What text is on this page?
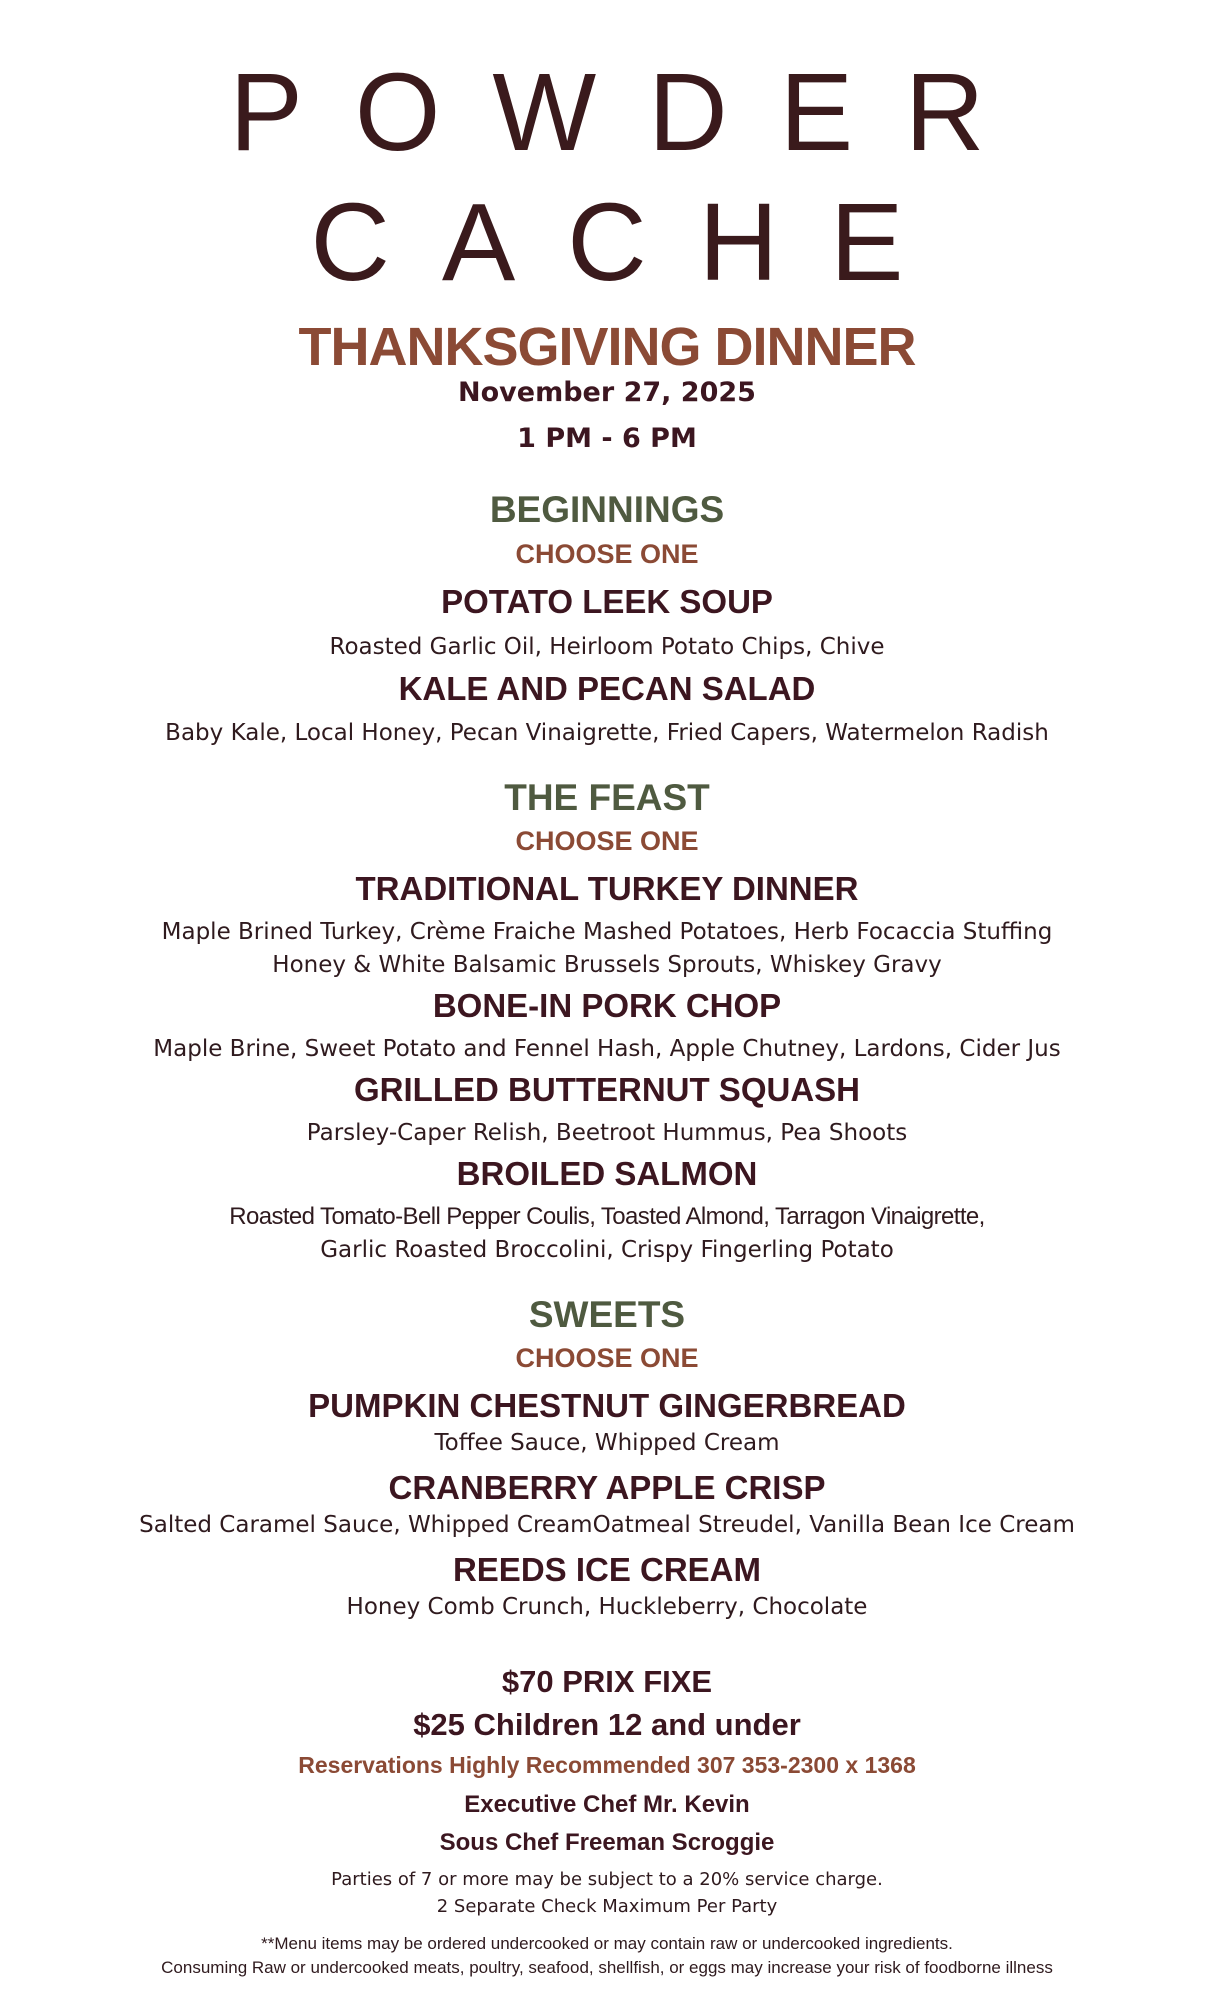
POWDER
CACHE
THANKSGIVING DINNER
November 27, 2025
1 PM - 6 PM
BEGINNINGS
CHOOSE ONE
POTATO LEEK SOUP
Roasted Garlic Oil, Heirloom Potato Chips, Chive
KALE AND PECAN SALAD
Baby Kale, Local Honey, Pecan Vinaigrette, Fried Capers, Watermelon Radish
THE FEAST
CHOOSE ONE
TRADITIONAL TURKEY DINNER
Maple Brined Turkey, Crème Fraiche Mashed Potatoes, Herb Focaccia Stuffing
Honey & White Balsamic Brussels Sprouts, Whiskey Gravy
BONE-IN PORK CHOP
Maple Brine, Sweet Potato and Fennel Hash, Apple Chutney, Lardons, Cider Jus
GRILLED BUTTERNUT SQUASH
Parsley-Caper Relish, Beetroot Hummus, Pea Shoots
BROILED SALMON
Roasted Tomato-Bell Pepper Coulis, Toasted Almond, Tarragon Vinaigrette,
Garlic Roasted Broccolini, Crispy Fingerling Potato
SWEETS
CHOOSE ONE
PUMPKIN CHESTNUT GINGERBREAD
Toffee Sauce, Whipped Cream
CRANBERRY APPLE CRISP
Salted Caramel Sauce, Whipped CreamOatmeal Streudel, Vanilla Bean Ice Cream
REEDS ICE CREAM
Honey Comb Crunch, Huckleberry, Chocolate
$70 PRIX FIXE
$25 Children 12 and under
Reservations Highly Recommended 307 353-2300 x 1368
Executive Chef Mr. Kevin
Sous Chef Freeman Scroggie
Parties of 7 or more may be subject to a 20% service charge.
2 Separate Check Maximum Per Party
**Menu items may be ordered undercooked or may contain raw or undercooked ingredients.
Consuming Raw or undercooked meats, poultry, seafood, shellfish, or eggs may increase your risk of foodborne illness
